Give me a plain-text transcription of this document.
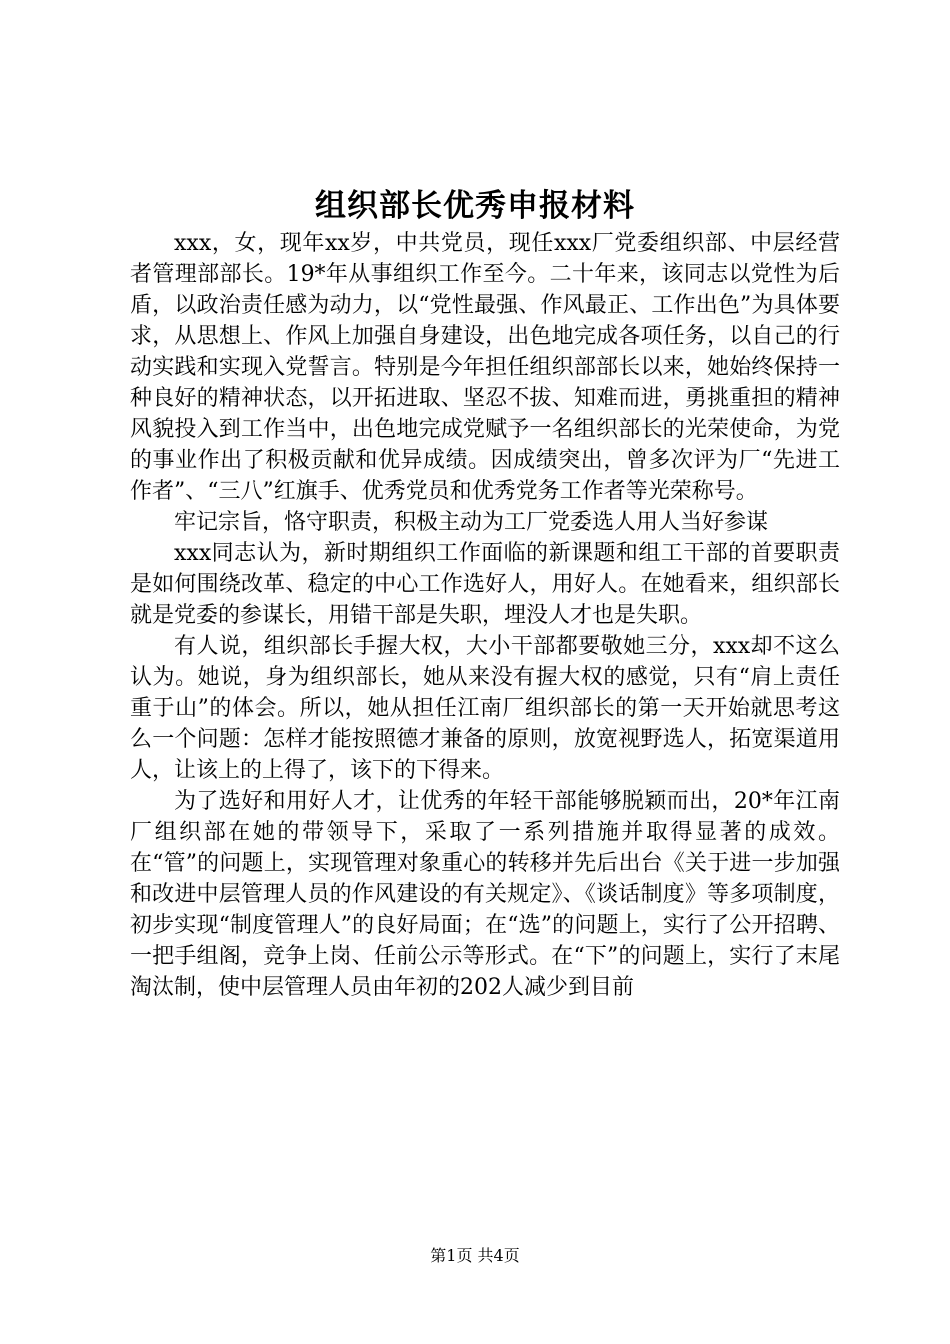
组织部长优秀申报材料

xxx，女，现年xx岁，中共党员，现任xxx厂党委组织部、中层经营者管理部部长。19*年从事组织工作至今。二十年来，该同志以党性为后盾，以政治责任感为动力，以“党性最强、作风最正、工作出色”为具体要求，从思想上、作风上加强自身建设，出色地完成各项任务，以自己的行动实践和实现入党誓言。特别是今年担任组织部部长以来，她始终保持一种良好的精神状态，以开拓进取、坚忍不拔、知难而进，勇挑重担的精神风貌投入到工作当中，出色地完成党赋予一名组织部长的光荣使命，为党的事业作出了积极贡献和优异成绩。因成绩突出，曾多次评为厂“先进工作者”、“三八”红旗手、优秀党员和优秀党务工作者等光荣称号。

牢记宗旨，恪守职责，积极主动为工厂党委选人用人当好参谋

xxx同志认为，新时期组织工作面临的新课题和组工干部的首要职责是如何围绕改革、稳定的中心工作选好人，用好人。在她看来，组织部长就是党委的参谋长，用错干部是失职，埋没人才也是失职。

有人说，组织部长手握大权，大小干部都要敬她三分，xxx却不这么认为。她说，身为组织部长，她从来没有握大权的感觉，只有“肩上责任重于山”的体会。所以，她从担任江南厂组织部长的第一天开始就思考这么一个问题：怎样才能按照德才兼备的原则，放宽视野选人，拓宽渠道用人，让该上的上得了，该下的下得来。

为了选好和用好人才，让优秀的年轻干部能够脱颖而出，20*年江南厂组织部在她的带领导下，采取了一系列措施并取得显著的成效。在“管”的问题上，实现管理对象重心的转移并先后出台《关于进一步加强和改进中层管理人员的作风建设的有关规定》、《谈话制度》等多项制度，初步实现“制度管理人”的良好局面；在“选”的问题上，实行了公开招聘、一把手组阁，竞争上岗、任前公示等形式。在“下”的问题上，实行了末尾淘汰制，使中层管理人员由年初的202人减少到目前

第1页 共4页
